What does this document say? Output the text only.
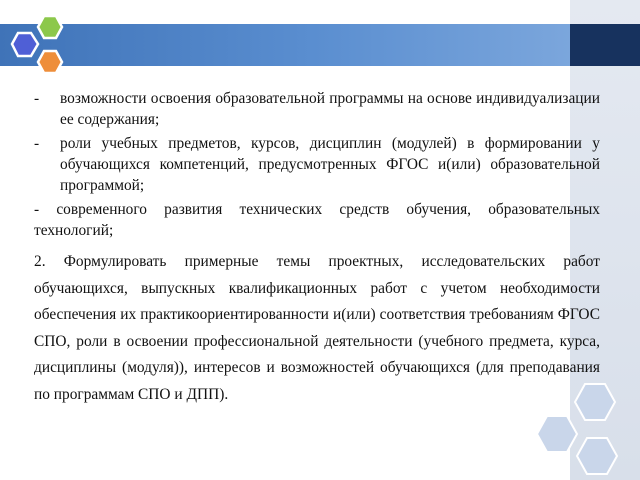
- возможности освоения образовательной программы на основе индивидуализации ее содержания;
- роли учебных предметов, курсов, дисциплин (модулей) в формировании у обучающихся компетенций, предусмотренных ФГОС и(или) образовательной программой;
- современного развития технических средств обучения, образовательных технологий;
2. Формулировать примерные темы проектных, исследовательских работ обучающихся, выпускных квалификационных работ с учетом необходимости обеспечения их практикоориентированности и(или) соответствия требованиям ФГОС СПО, роли в освоении профессиональной деятельности (учебного предмета, курса, дисциплины (модуля)), интересов и возможностей обучающихся (для преподавания по программам СПО и ДПП).
